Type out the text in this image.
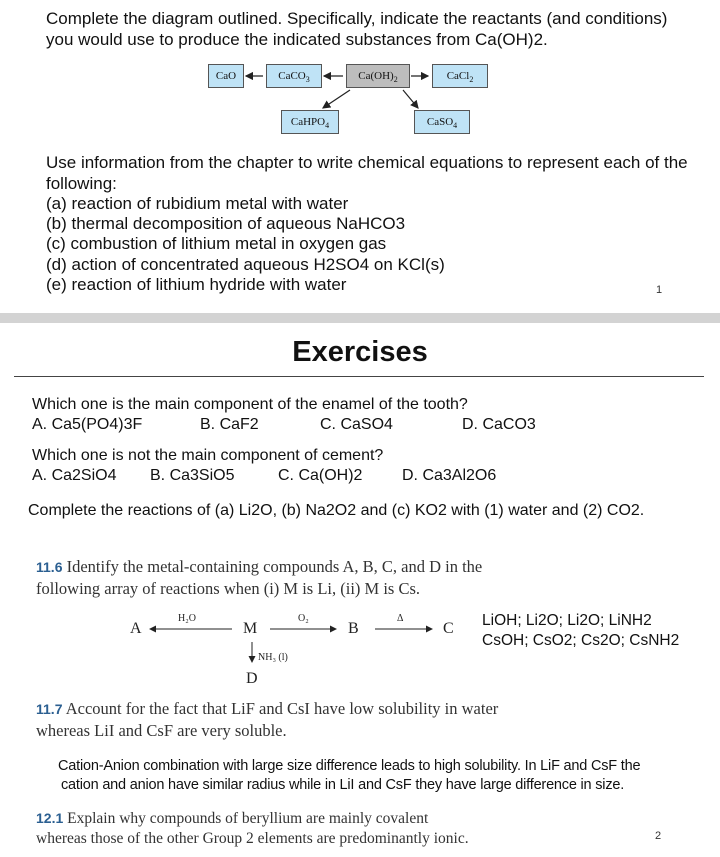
Complete the diagram outlined. Specifically, indicate the reactants (and conditions) you would use to produce the indicated substances from Ca(OH)2.
CaO	CaCO$_3$	$Ca(OH)_2$	CaCl$_2$
CaHPO$_4$	CaSO$_4$
Use information from the chapter to write chemical equations to represent each of the following:
(a) reaction of rubidium metal with water
(b) thermal decomposition of aqueous NaHCO3
(c) combustion of lithium metal in oxygen gas
(d) action of concentrated aqueous H2SO4 on KCl(s)
(e) reaction of lithium hydride with water	1
Exercises
Which one is the main component of the enamel of the tooth?
A. Ca5(PO4)3F	B. CaF2	C. CaSO4	D. CaCO3
Which one is not the main component of cement?
A. Ca2SiO4 B. Ca3SiO5	C. Ca(OH)2 D. Ca3Al2O6
Complete the reactions of (a) Li2O, (b) Na2O2 and (c) KO2 with (1) water and (2) CO2.
11.6 Identify the metal-containing compounds A, B, C, and D in the
following array of reactions when (i) M is Li, (ii) M is Cs.
A	M	B	C
D
H₂O	O₂	Δ
NH₃ (l)
LiOH; Li2O; Li2O; LiNH2
CsOH; CsO2; Cs2O; CsNH2
11.7 Account for the fact that LiF and CsI have low solubility in water
whereas LiI and CsF are very soluble.
Cation-Anion combination with large size difference leads to high solubility. In LiF and CsF the
cation and anion have similar radius while in LiI and CsF they have large difference in size.
12.1 Explain why compounds of beryllium are mainly covalent
whereas those of the other Group 2 elements are predominantly ionic.	2
